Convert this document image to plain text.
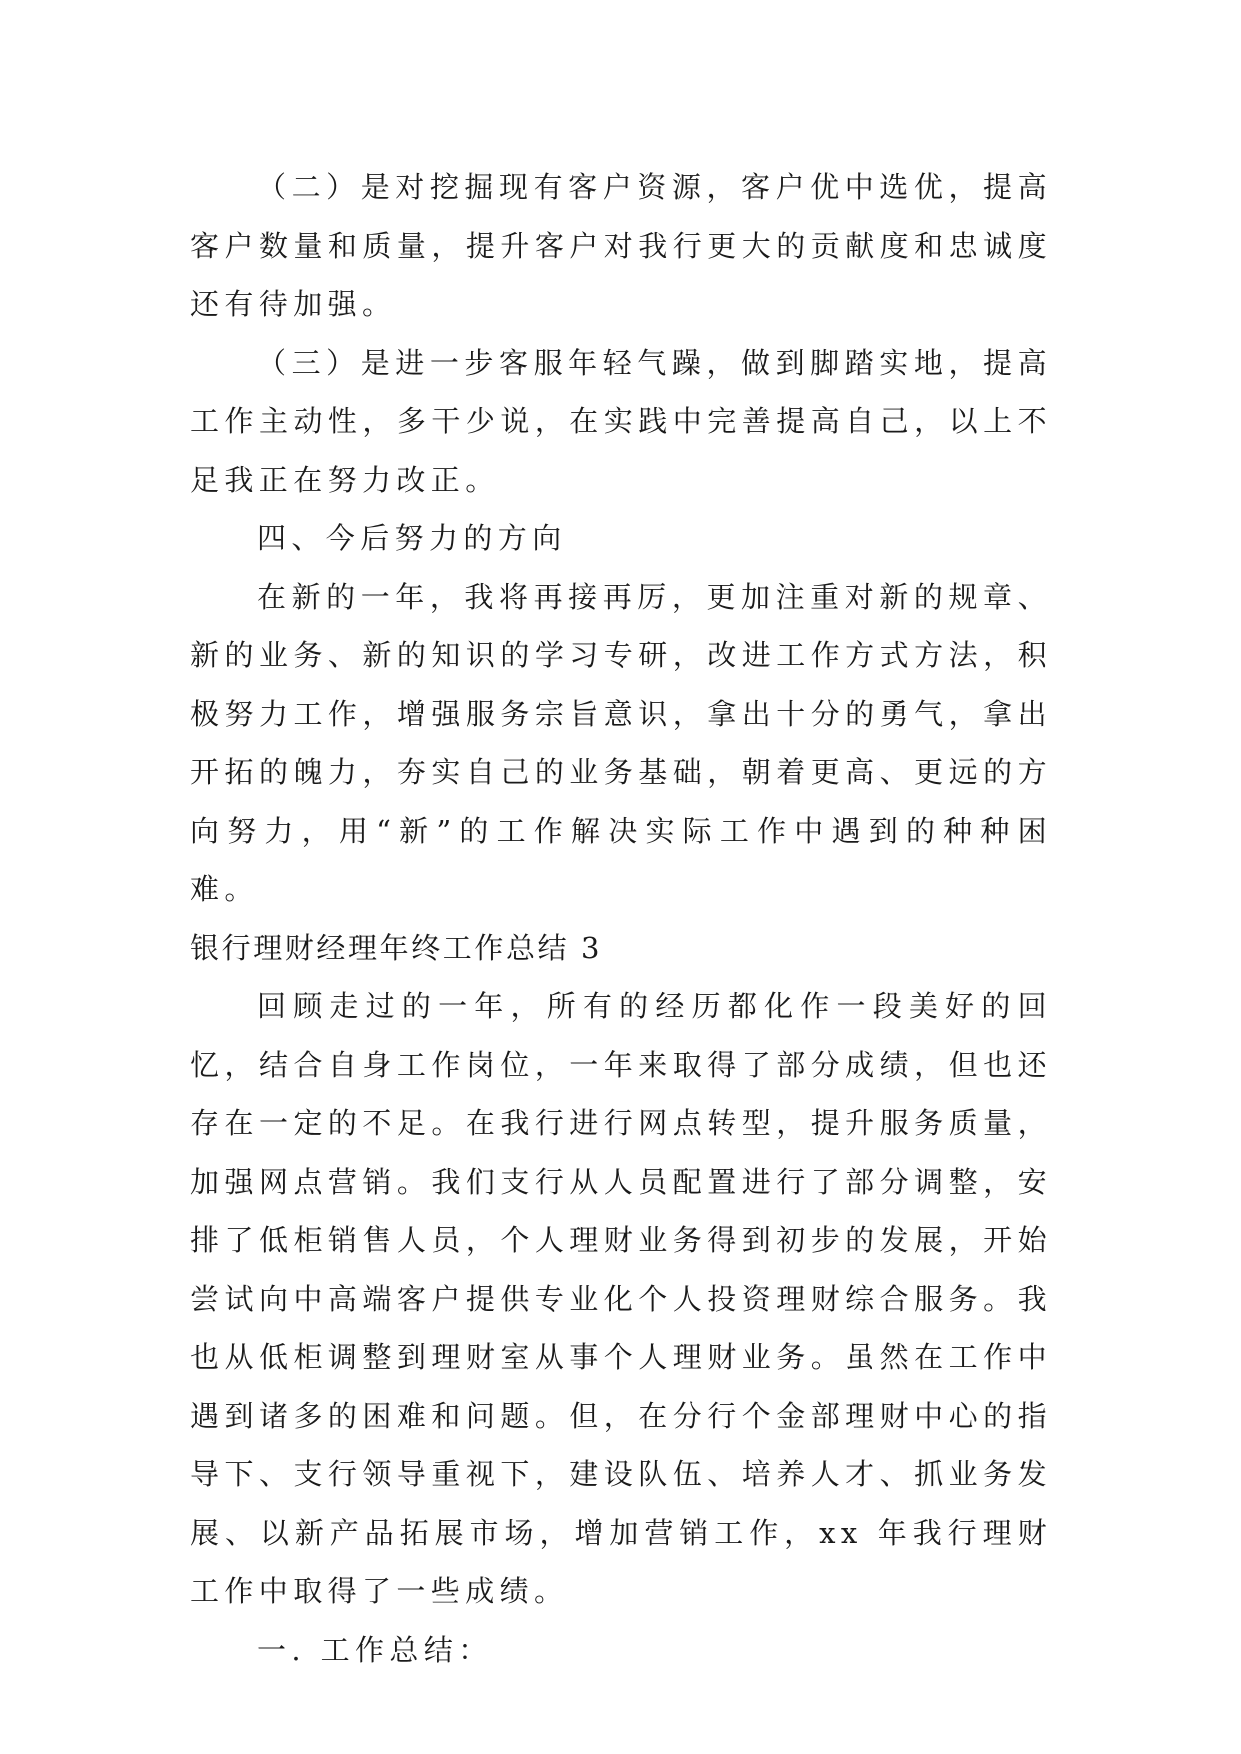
（二）是对挖掘现有客户资源，客户优中选优，提高客户数量和质量，提升客户对我行更大的贡献度和忠诚度还有待加强。

（三）是进一步客服年轻气躁，做到脚踏实地，提高工作主动性，多干少说，在实践中完善提高自己，以上不足我正在努力改正。

四、今后努力的方向

在新的一年，我将再接再厉，更加注重对新的规章、新的业务、新的知识的学习专研，改进工作方式方法，积极努力工作，增强服务宗旨意识，拿出十分的勇气，拿出开拓的魄力，夯实自己的业务基础，朝着更高、更远的方向努力，用“新”的工作解决实际工作中遇到的种种困难。

银行理财经理年终工作总结 3

回顾走过的一年，所有的经历都化作一段美好的回忆，结合自身工作岗位，一年来取得了部分成绩，但也还存在一定的不足。在我行进行网点转型，提升服务质量，加强网点营销。我们支行从人员配置进行了部分调整，安排了低柜销售人员，个人理财业务得到初步的发展，开始尝试向中高端客户提供专业化个人投资理财综合服务。我也从低柜调整到理财室从事个人理财业务。虽然在工作中遇到诸多的困难和问题。但，在分行个金部理财中心的指导下、支行领导重视下，建设队伍、培养人才、抓业务发展、以新产品拓展市场，增加营销工作，xx 年我行理财工作中取得了一些成绩。

一. 工作总结：
